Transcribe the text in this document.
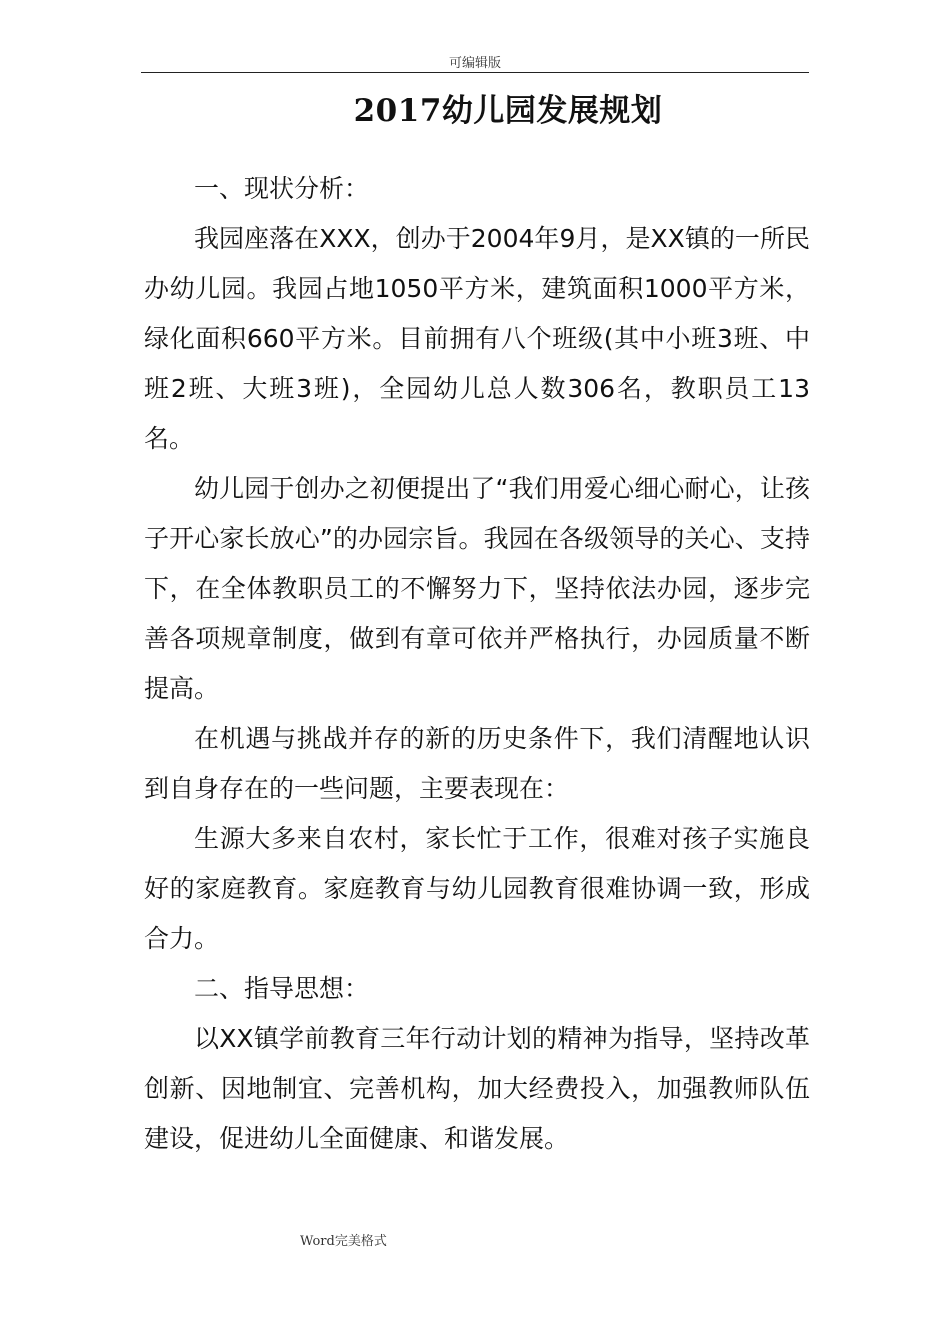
可编辑版
2017幼儿园发展规划

一、现状分析：

我园座落在XXX，创办于2004年9月，是XX镇的一所民办幼儿园。我园占地1050平方米，建筑面积1000平方米，绿化面积660平方米。目前拥有八个班级(其中小班3班、中班2班、大班3班)，全园幼儿总人数306名，教职员工13名。

幼儿园于创办之初便提出了“我们用爱心细心耐心，让孩子开心家长放心”的办园宗旨。我园在各级领导的关心、支持下，在全体教职员工的不懈努力下，坚持依法办园，逐步完善各项规章制度，做到有章可依并严格执行，办园质量不断提高。

在机遇与挑战并存的新的历史条件下，我们清醒地认识到自身存在的一些问题，主要表现在：

生源大多来自农村，家长忙于工作，很难对孩子实施良好的家庭教育。家庭教育与幼儿园教育很难协调一致，形成合力。

二、指导思想：

以XX镇学前教育三年行动计划的精神为指导，坚持改革创新、因地制宜、完善机构，加大经费投入，加强教师队伍建设，促进幼儿全面健康、和谐发展。

Word完美格式
